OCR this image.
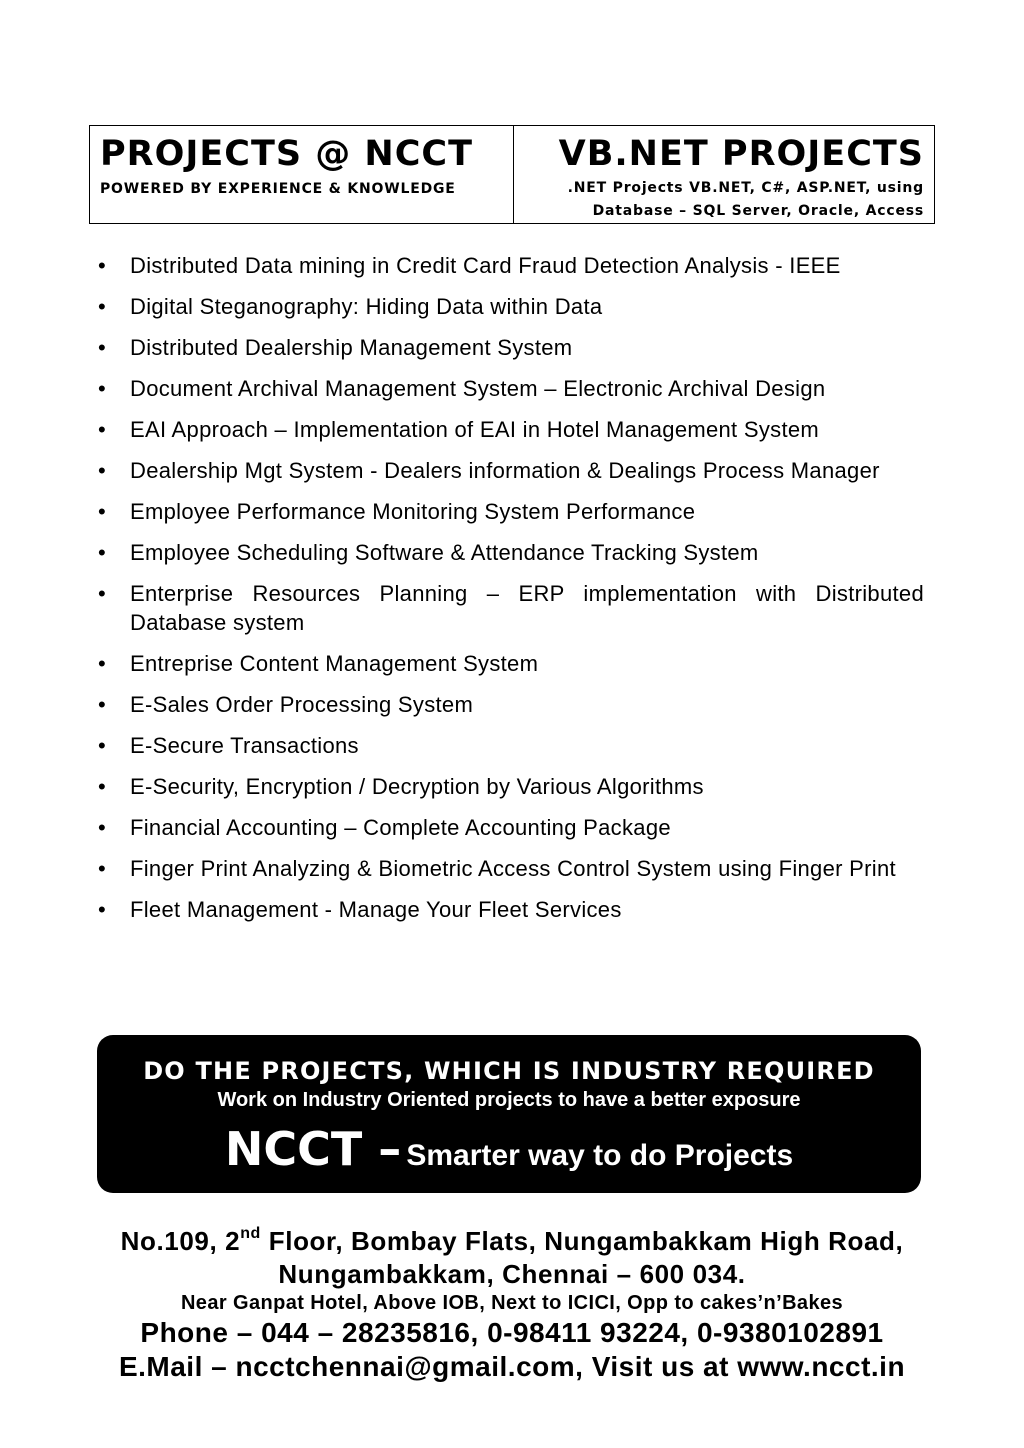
PROJECTS @ NCCT
POWERED BY EXPERIENCE & KNOWLEDGE
VB.NET PROJECTS
.NET Projects VB.NET, C#, ASP.NET, using
Database – SQL Server, Oracle, Access
•	Distributed Data mining in Credit Card Fraud Detection Analysis - IEEE
•	Digital Steganography: Hiding Data within Data
•	Distributed Dealership Management System
•	Document Archival Management System – Electronic Archival Design
•	EAI Approach – Implementation of EAI in Hotel Management System
•	Dealership Mgt System - Dealers information & Dealings Process Manager
•	Employee Performance Monitoring System Performance
•	Employee Scheduling Software & Attendance Tracking System
•	Enterprise Resources Planning – ERP implementation with Distributed Database system
•	Entreprise Content Management System
•	E-Sales Order Processing System
•	E-Secure Transactions
•	E-Security, Encryption / Decryption by Various Algorithms
•	Financial Accounting – Complete Accounting Package
•	Finger Print Analyzing & Biometric Access Control System using Finger Print
•	Fleet Management - Manage Your Fleet Services
DO THE PROJECTS, WHICH IS INDUSTRY REQUIRED
Work on Industry Oriented projects to have a better exposure
NCCT – Smarter way to do Projects
No.109, 2nd Floor, Bombay Flats, Nungambakkam High Road,
Nungambakkam, Chennai – 600 034.
Near Ganpat Hotel, Above IOB, Next to ICICI, Opp to cakes’n’Bakes
Phone – 044 – 28235816, 0-98411 93224, 0-9380102891
E.Mail – ncctchennai@gmail.com, Visit us at www.ncct.in
